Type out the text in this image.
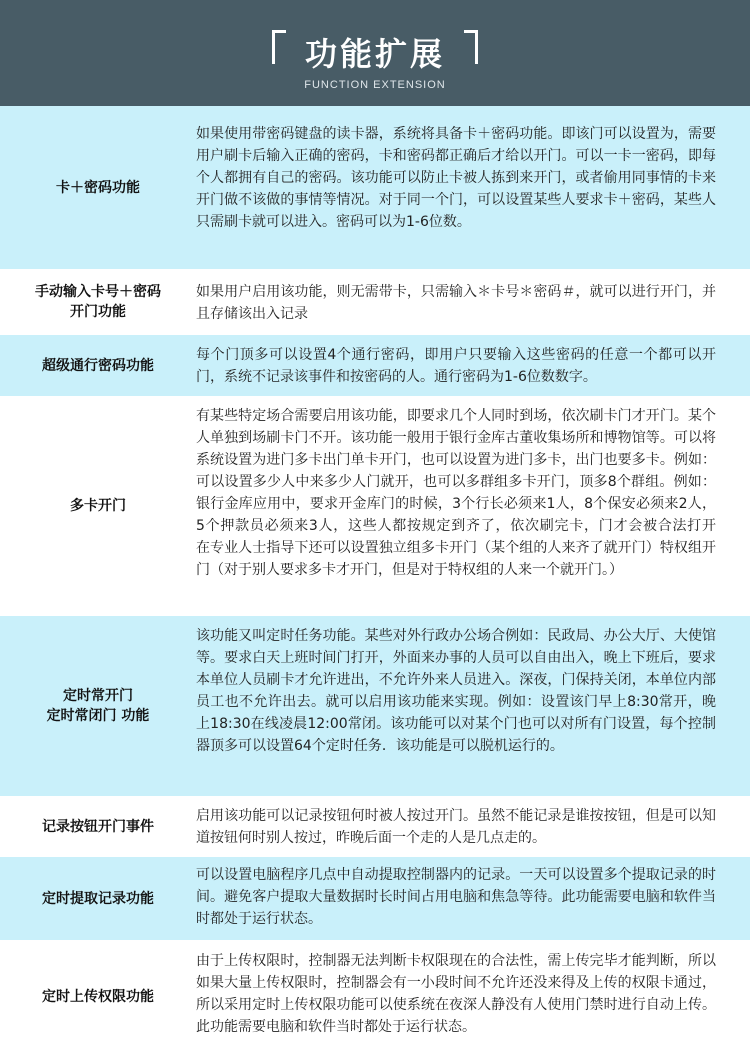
功能扩展
FUNCTION EXTENSION
卡＋密码功能
如果使用带密码键盘的读卡器，系统将具备卡＋密码功能。即该门可以设置为，需要用户刷卡后输入正确的密码，卡和密码都正确后才给以开门。可以一卡一密码，即每个人都拥有自己的密码。该功能可以防止卡被人拣到来开门，或者偷用同事情的卡来开门做不该做的事情等情况。对于同一个门，可以设置某些人要求卡＋密码，某些人只需刷卡就可以进入。密码可以为1-6位数。
手动输入卡号＋密码
开门功能
如果用户启用该功能，则无需带卡，只需输入＊卡号＊密码＃，就可以进行开门，并且存储该出入记录
超级通行密码功能
每个门顶多可以设置4个通行密码，即用户只要输入这些密码的任意一个都可以开门，系统不记录该事件和按密码的人。通行密码为1-6位数数字。
多卡开门
有某些特定场合需要启用该功能，即要求几个人同时到场，依次刷卡门才开门。某个人单独到场刷卡门不开。该功能一般用于银行金库古董收集场所和博物馆等。可以将系统设置为进门多卡出门单卡开门，也可以设置为进门多卡，出门也要多卡。例如：可以设置多少人中来多少人门就开，也可以多群组多卡开门，顶多8个群组。例如：银行金库应用中，要求开金库门的时候，3个行长必须来1人，8个保安必须来2人，5个押款员必须来3人，这些人都按规定到齐了，依次刷完卡，门才会被合法打开　在专业人士指导下还可以设置独立组多卡开门（某个组的人来齐了就开门）特权组开门（对于别人要求多卡才开门，但是对于特权组的人来一个就开门。）
定时常开门
定时常闭门 功能
该功能又叫定时任务功能。某些对外行政办公场合例如：民政局、办公大厅、大使馆等。要求白天上班时间门打开，外面来办事的人员可以自由出入，晚上下班后，要求本单位人员刷卡才允许进出，不允许外来人员进入。深夜，门保持关闭，本单位内部员工也不允许出去。就可以启用该功能来实现。例如：设置该门早上8:30常开，晚上18:30在线凌晨12:00常闭。该功能可以对某个门也可以对所有门设置，每个控制器顶多可以设置64个定时任务．该功能是可以脱机运行的。
记录按钮开门事件
启用该功能可以记录按钮何时被人按过开门。虽然不能记录是谁按按钮，但是可以知道按钮何时别人按过，昨晚后面一个走的人是几点走的。
定时提取记录功能
可以设置电脑程序几点中自动提取控制器内的记录。一天可以设置多个提取记录的时间。避免客户提取大量数据时长时间占用电脑和焦急等待。此功能需要电脑和软件当时都处于运行状态。
定时上传权限功能
由于上传权限时，控制器无法判断卡权限现在的合法性，需上传完毕才能判断，所以如果大量上传权限时，控制器会有一小段时间不允许还没来得及上传的权限卡通过，所以采用定时上传权限功能可以使系统在夜深人静没有人使用门禁时进行自动上传。此功能需要电脑和软件当时都处于运行状态。
